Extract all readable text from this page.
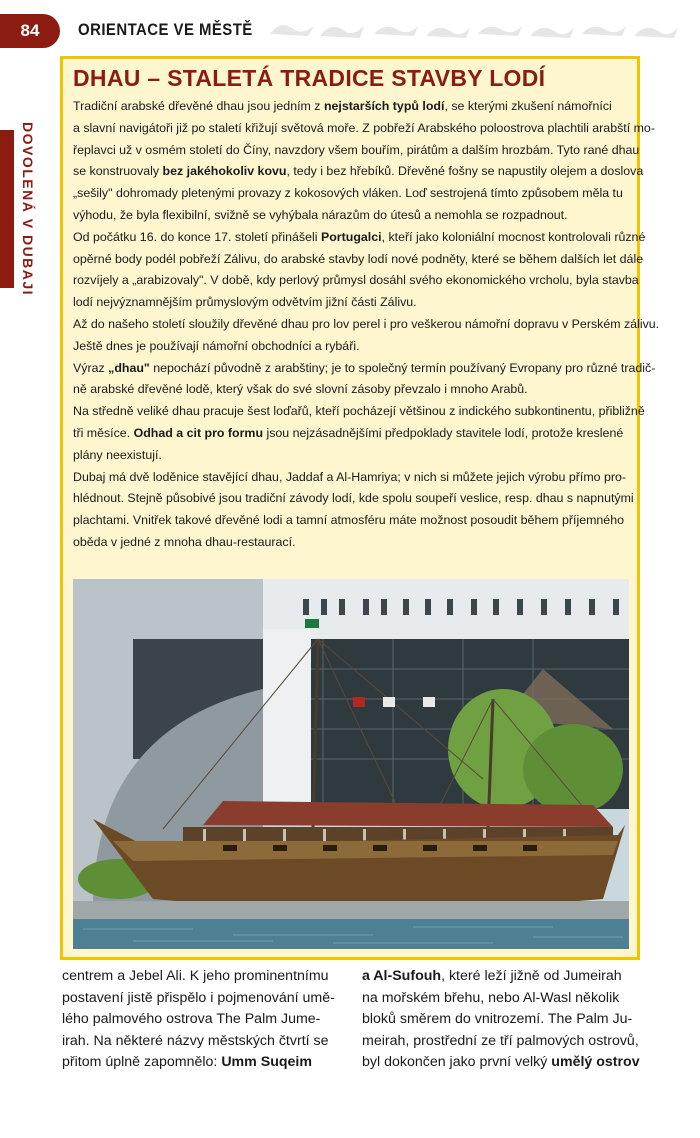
84	ORIENTACE VE MĚSTĚ
DOVOLENÁ V DUBAJI
DHAU – STALETÁ TRADICE STAVBY LODÍ

Tradiční arabské dřevěné dhau jsou jedním z nejstarších typů lodí, se kterými zkušení námořníci
a slavní navigátoři již po staletí křižují světová moře. Z pobřeží Arabského poloostrova plachtili arabští mo-
řeplavci už v osmém století do Číny, navzdory všem bouřím, pirátům a dalším hrozbám. Tyto rané dhau
se konstruovaly bez jakéhokoliv kovu, tedy i bez hřebíků. Dřevěné fošny se napustily olejem a doslova
„sešily" dohromady pletenými provazy z kokosových vláken. Loď sestrojená tímto způsobem měla tu
výhodu, že byla flexibilní, svižně se vyhýbala nárazům do útesů a nemohla se rozpadnout.

Od počátku 16. do konce 17. století přinášeli Portugalci, kteří jako koloniální mocnost kontrolovali různé
opěrné body podél pobřeží Zálivu, do arabské stavby lodí nové podněty, které se během dalších let dále
rozvíjely a „arabizovaly". V době, kdy perlový průmysl dosáhl svého ekonomického vrcholu, byla stavba
lodí nejvýznamnějším průmyslovým odvětvím jižní části Zálivu.

Až do našeho století sloužily dřevěné dhau pro lov perel i pro veškerou námořní dopravu v Perském zálivu.
Ještě dnes je používají námořní obchodníci a rybáři.

Výraz „dhau" nepochází původně z arabštiny; je to společný termín používaný Evropany pro různé tradič-
ně arabské dřevěné lodě, který však do své slovní zásoby převzalo i mnoho Arabů.

Na středně veliké dhau pracuje šest loďařů, kteří pocházejí většinou z indického subkontinentu, přibližně
tři měsíce. Odhad a cit pro formu jsou nejzásadnějšími předpoklady stavitele lodí, protože kreslené
plány neexistují.

Dubaj má dvě loděnice stavějící dhau, Jaddaf a Al-Hamriya; v nich si můžete jejich výrobu přímo pro-
hlédnout. Stejně působivé jsou tradiční závody lodí, kde spolu soupeří veslice, resp. dhau s napnutými
plachtami. Vnitřek takové dřevěné lodi a tamní atmosféru máte možnost posoudit během příjemného
oběda v jedné z mnoha dhau-restaurací.

centrem a Jebel Ali. K jeho prominentnímu
postavení jistě přispělo i pojmenování umě-
lého palmového ostrova The Palm Jume-
irah. Na některé názvy městských čtvrtí se
přitom úplně zapomnělo: Umm Suqeim
a Al-Sufouh, které leží jižně od Jumeirah
na mořském břehu, nebo Al-Wasl několik
bloků směrem do vnitrozemí. The Palm Ju-
meirah, prostřední ze tří palmových ostrovů,
byl dokončen jako první velký umělý ostrov
